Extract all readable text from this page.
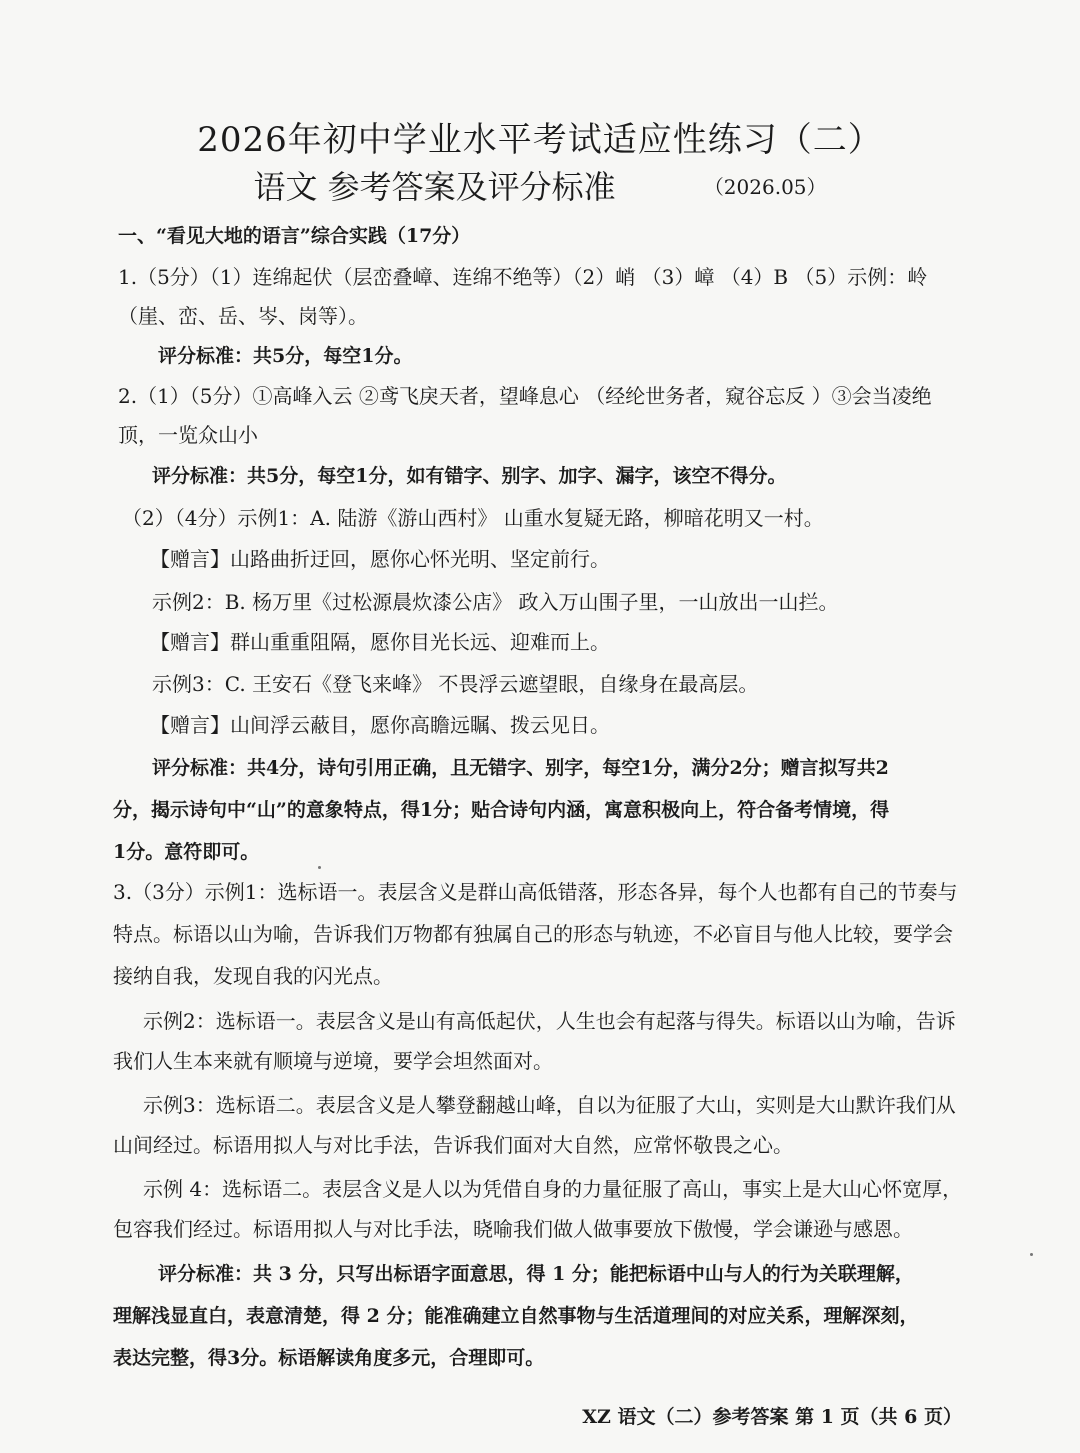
2026年初中学业水平考试适应性练习（二）
语文 参考答案及评分标准	（2026.05）
一、“看见大地的语言”综合实践（17分）
1.（5分）（1）连绵起伏（层峦叠嶂、连绵不绝等）（2）峭 （3）嶂 （4）B （5）示例：岭
（崖、峦、岳、岑、岗等）。
评分标准：共5分，每空1分。
2.（1）（5分）①高峰入云 ②鸢飞戾天者，望峰息心 （经纶世务者，窥谷忘反 ）③会当凌绝
顶，一览众山小
评分标准：共5分，每空1分，如有错字、别字、加字、漏字，该空不得分。
（2）（4分）示例1：A. 陆游《游山西村》 山重水复疑无路，柳暗花明又一村。
【赠言】山路曲折迂回，愿你心怀光明、坚定前行。
示例2：B. 杨万里《过松源晨炊漆公店》 政入万山围子里，一山放出一山拦。
【赠言】群山重重阻隔，愿你目光长远、迎难而上。
示例3：C. 王安石《登飞来峰》 不畏浮云遮望眼，自缘身在最高层。
【赠言】山间浮云蔽目，愿你高瞻远瞩、拨云见日。
评分标准：共4分，诗句引用正确，且无错字、别字，每空1分，满分2分；赠言拟写共2
分，揭示诗句中“山”的意象特点，得1分；贴合诗句内涵，寓意积极向上，符合备考情境，得
1分。意符即可。
3.（3分）示例1：选标语一。表层含义是群山高低错落，形态各异，每个人也都有自己的节奏与
特点。标语以山为喻，告诉我们万物都有独属自己的形态与轨迹，不必盲目与他人比较，要学会
接纳自我，发现自我的闪光点。
示例2：选标语一。表层含义是山有高低起伏，人生也会有起落与得失。标语以山为喻，告诉
我们人生本来就有顺境与逆境，要学会坦然面对。
示例3：选标语二。表层含义是人攀登翻越山峰，自以为征服了大山，实则是大山默许我们从
山间经过。标语用拟人与对比手法，告诉我们面对大自然，应常怀敬畏之心。
示例 4：选标语二。表层含义是人以为凭借自身的力量征服了高山，事实上是大山心怀宽厚，
包容我们经过。标语用拟人与对比手法，晓喻我们做人做事要放下傲慢，学会谦逊与感恩。
评分标准：共 3 分，只写出标语字面意思，得 1 分；能把标语中山与人的行为关联理解，
理解浅显直白，表意清楚，得 2 分；能准确建立自然事物与生活道理间的对应关系，理解深刻，
表达完整，得3分。标语解读角度多元，合理即可。
XZ 语文（二）参考答案 第 1 页（共 6 页）
